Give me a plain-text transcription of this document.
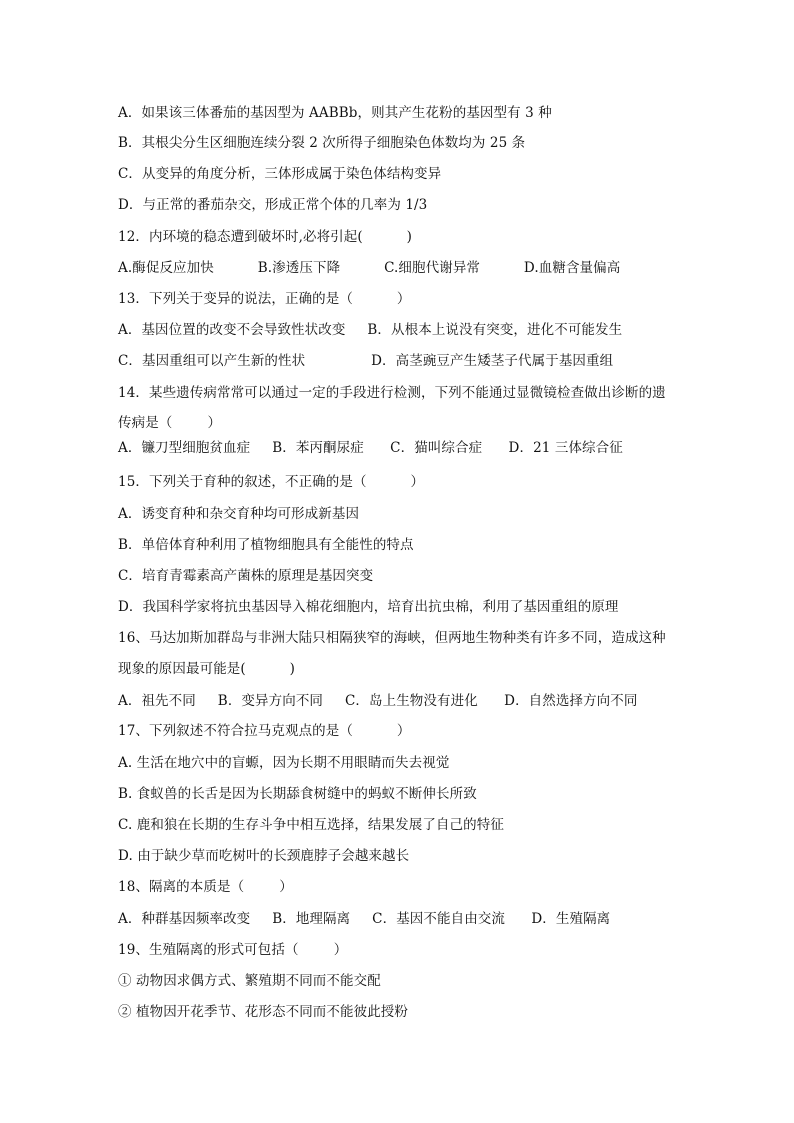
A．如果该三体番茄的基因型为 AABBb，则其产生花粉的基因型有 3 种
B．其根尖分生区细胞连续分裂 2 次所得子细胞染色体数均为 25 条
C．从变异的角度分析，三体形成属于染色体结构变异
D．与正常的番茄杂交，形成正常个体的几率为 1/3
12．内环境的稳态遭到破坏时,必将引起(          )
A.酶促反应加快          B.渗透压下降          C.细胞代谢异常          D.血糖含量偏高
13．下列关于变异的说法，正确的是（          ）
A．基因位置的改变不会导致性状改变     B．从根本上说没有突变，进化不可能发生
C．基因重组可以产生新的性状               D．高茎豌豆产生矮茎子代属于基因重组
14．某些遗传病常常可以通过一定的手段进行检测，下列不能通过显微镜检查做出诊断的遗
传病是（        ）
A．镰刀型细胞贫血症     B．苯丙酮尿症      C．猫叫综合症      D．21 三体综合征
15．下列关于育种的叙述，不正确的是（          ）
A．诱变育种和杂交育种均可形成新基因
B．单倍体育种利用了植物细胞具有全能性的特点
C．培育青霉素高产菌株的原理是基因突变
D．我国科学家将抗虫基因导入棉花细胞内，培育出抗虫棉，利用了基因重组的原理
16、马达加斯加群岛与非洲大陆只相隔狭窄的海峡，但两地生物种类有许多不同，造成这种
现象的原因最可能是(          )
A．祖先不同     B．变异方向不同     C．岛上生物没有进化      D．自然选择方向不同
17、下列叙述不符合拉马克观点的是（          ）
A. 生活在地穴中的盲螈，因为长期不用眼睛而失去视觉
B. 食蚁兽的长舌是因为长期舔食树缝中的蚂蚁不断伸长所致
C. 鹿和狼在长期的生存斗争中相互选择，结果发展了自己的特征
D. 由于缺少草而吃树叶的长颈鹿脖子会越来越长
18、隔离的本质是（        ）
A．种群基因频率改变     B．地理隔离     C．基因不能自由交流      D．生殖隔离
19、生殖隔离的形式可包括（        ）
① 动物因求偶方式、繁殖期不同而不能交配
② 植物因开花季节、花形态不同而不能彼此授粉
